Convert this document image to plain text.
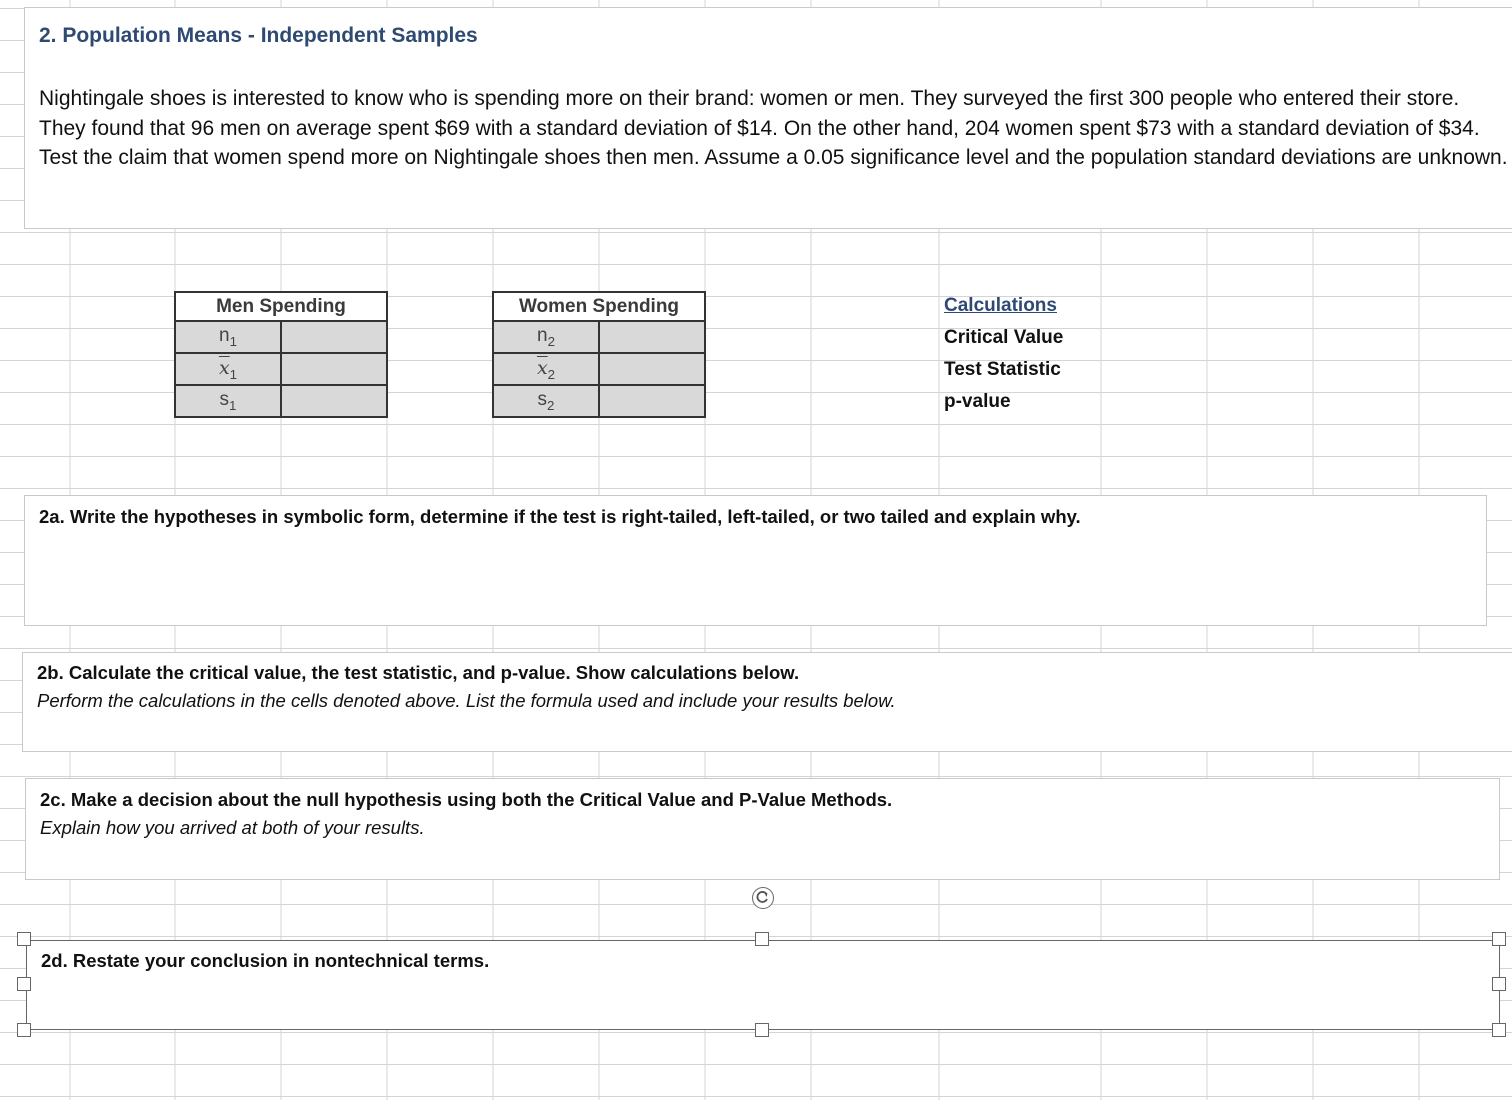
2. Population Means - Independent Samples
Nightingale shoes is interested to know who is spending more on their brand: women or men. They surveyed the first 300 people who entered their store. They found that 96 men on average spent $69 with a standard deviation of $14. On the other hand, 204 women spent $73 with a standard deviation of $34. Test the claim that women spend more on Nightingale shoes then men. Assume a 0.05 significance level and the population standard deviations are unknown.
Men Spending	
$n_1$	
$\overline{x}_1$	
$s_1$	
Women Spending	
$n_2$	
$\overline{x}_2$	
$s_2$	
Calculations
Critical Value
Test Statistic
p-value
2a. Write the hypotheses in symbolic form, determine if the test is right-tailed, left-tailed, or two tailed and explain why.
2b. Calculate the critical value, the test statistic, and p-value. Show calculations below.
Perform the calculations in the cells denoted above. List the formula used and include your results below.
2c. Make a decision about the null hypothesis using both the Critical Value and P-Value Methods.
Explain how you arrived at both of your results.
2d. Restate your conclusion in nontechnical terms.
